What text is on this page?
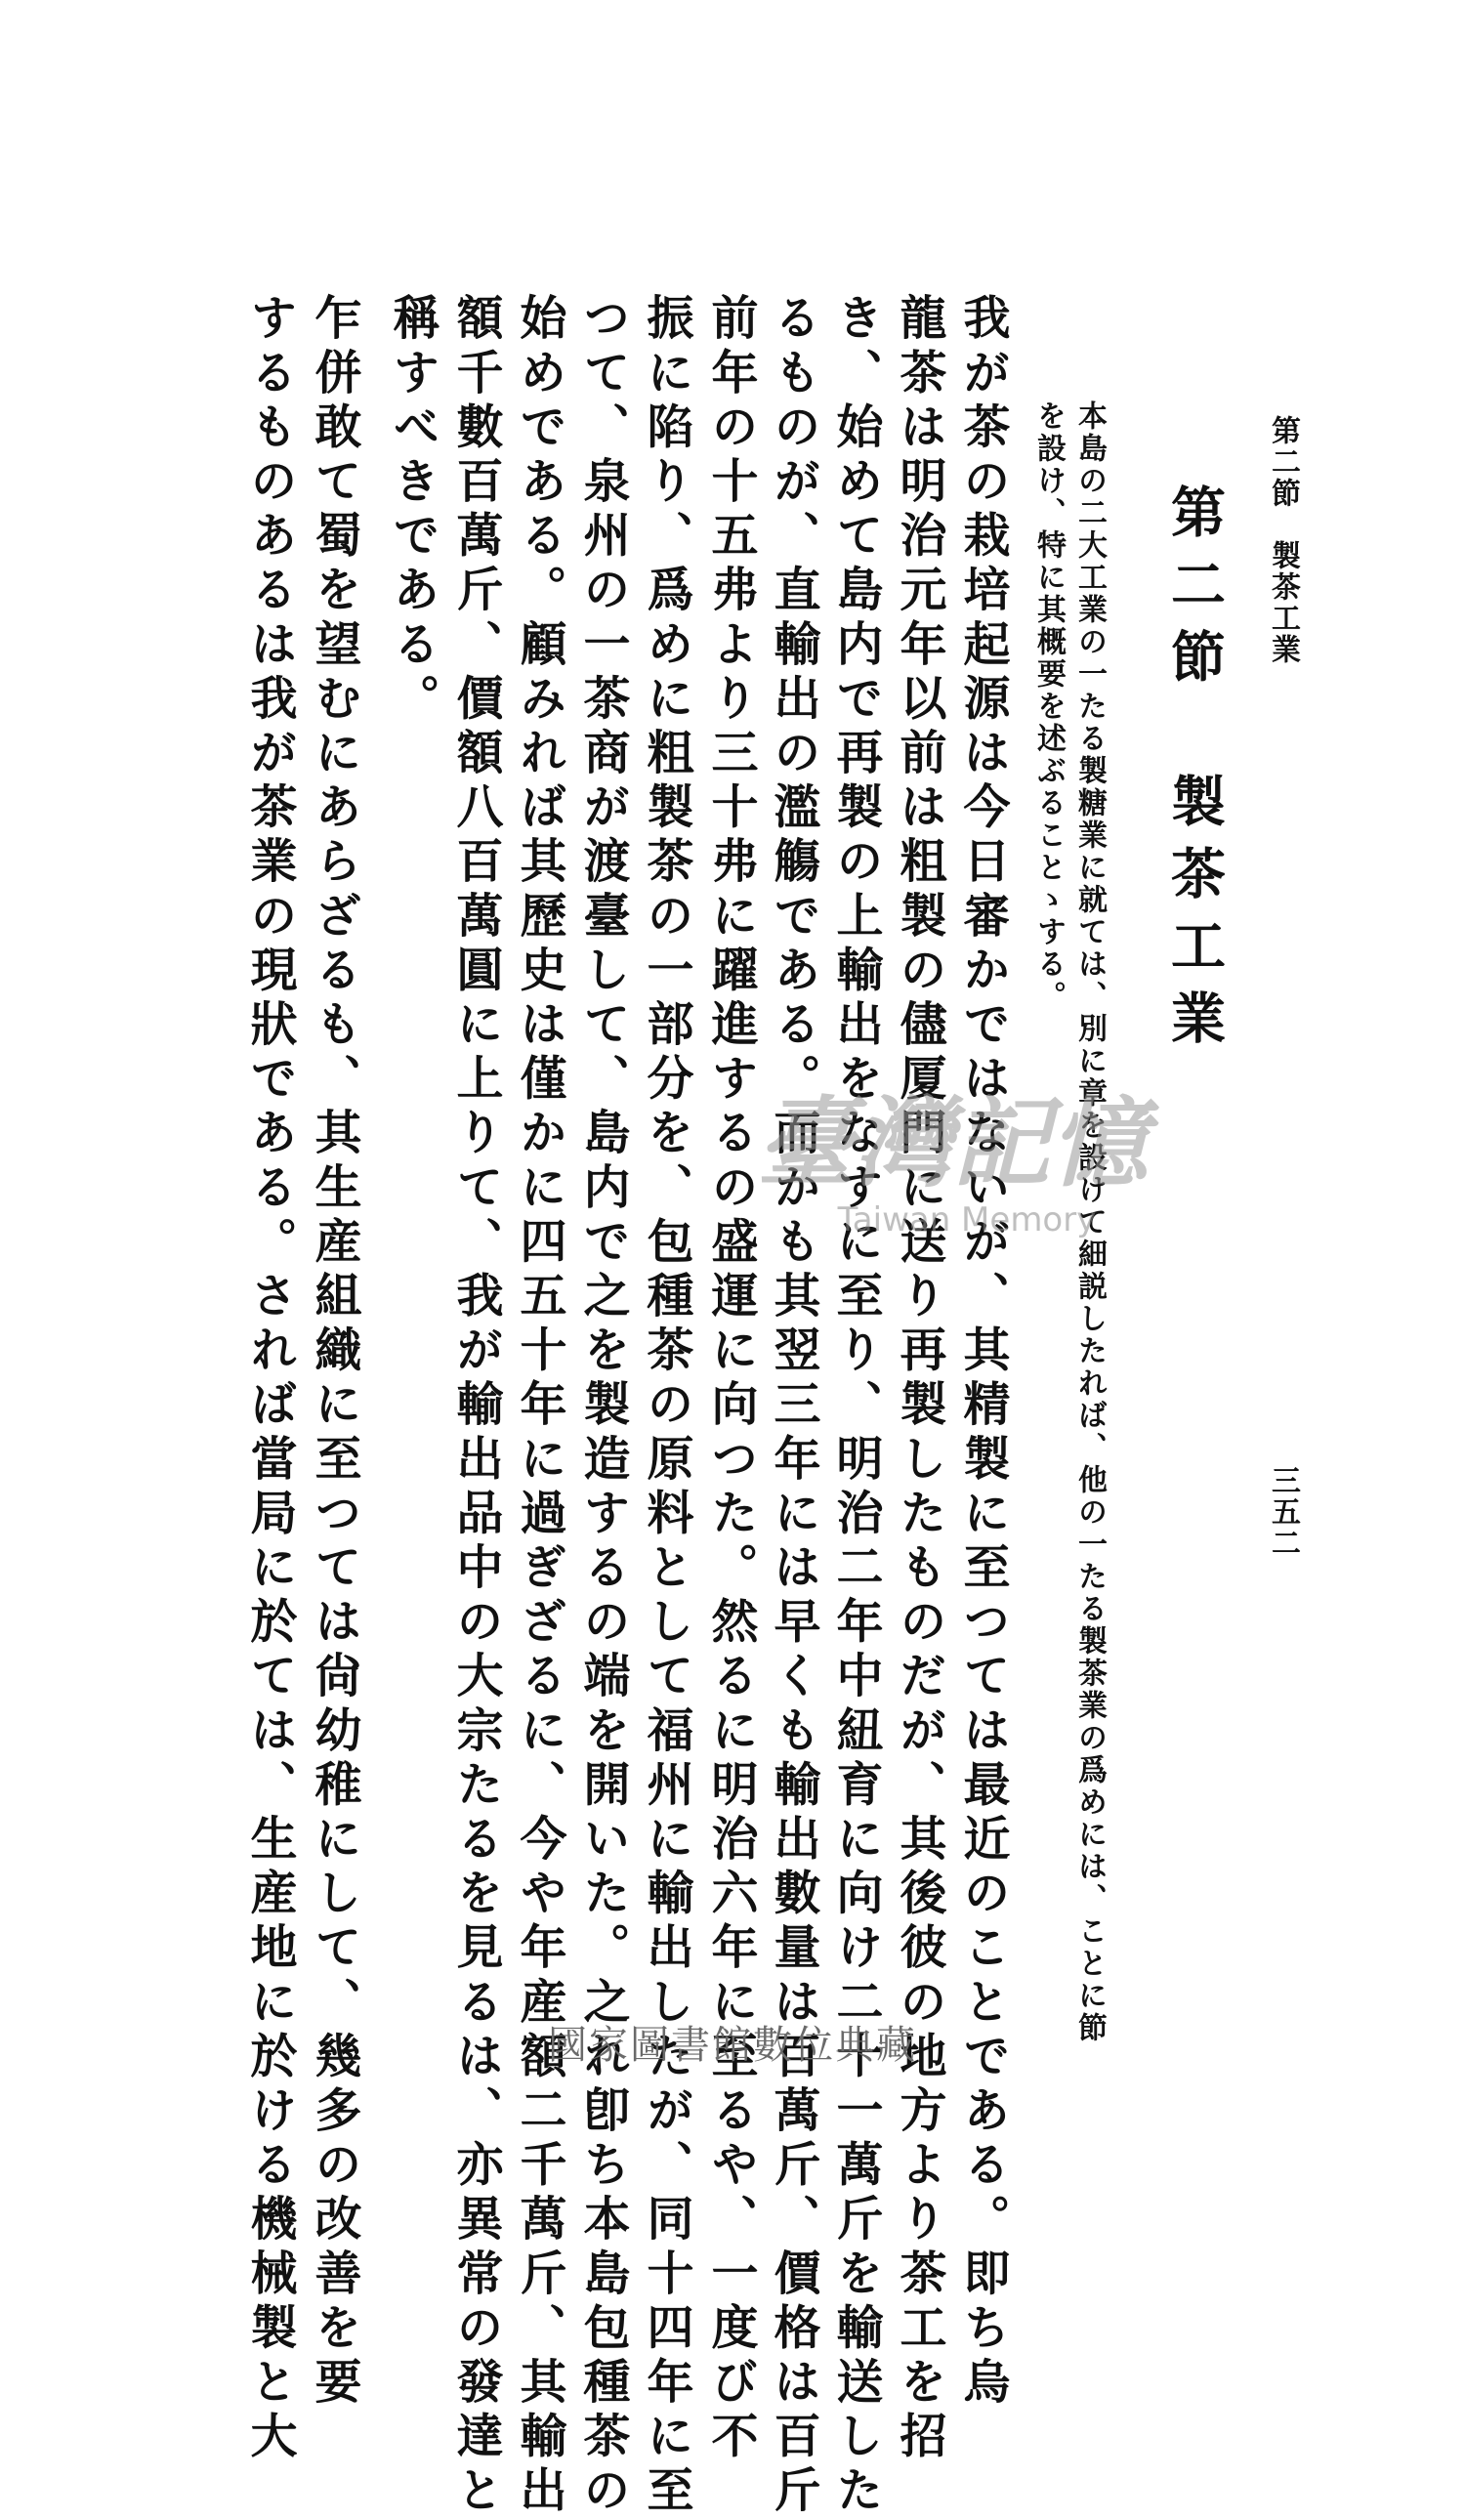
第二節　製茶工業
三五二
第二節　製茶工業
本島の二大工業の一たる製糖業に就ては、別に章を設けて細説したれば、他の一たる製茶業の爲めには、ことに節
を設け、特に其概要を述ぶることゝする。
我が茶の栽培起源は今日審かではないが、其精製に至つては最近のことである。即ち烏
龍茶は明治元年以前は粗製の儘厦門に送り再製したものだが、其後彼の地方より茶工を招
き、始めて島内で再製の上輸出をなすに至り、明治二年中紐育に向け二十一萬斤を輸送した
るものが、直輸出の濫觴である。而かも其翌三年には早くも輸出數量は百萬斤、價格は百斤
前年の十五弗より三十弗に躍進するの盛運に向つた。然るに明治六年に至るや、一度び不
振に陷り、爲めに粗製茶の一部分を、包種茶の原料として福州に輸出したが、同十四年に至
つて、泉州の一茶商が渡臺して、島内で之を製造するの端を開いた。之れ卽ち本島包種茶の
始めである。顧みれば其歷史は僅かに四五十年に過ぎざるに、今や年産額二千萬斤、其輸出
額千數百萬斤、價額八百萬圓に上りて、我が輸出品中の大宗たるを見るは、亦異常の發達と
稱すべきである。
乍併敢て蜀を望むにあらざるも、其生産組織に至つては尙幼稚にして、幾多の改善を要
するものあるは我が茶業の現狀である。されば當局に於ては、生産地に於ける機械製と大	臺灣記憶
Taiwan Memory
國家圖書館數位典藏
